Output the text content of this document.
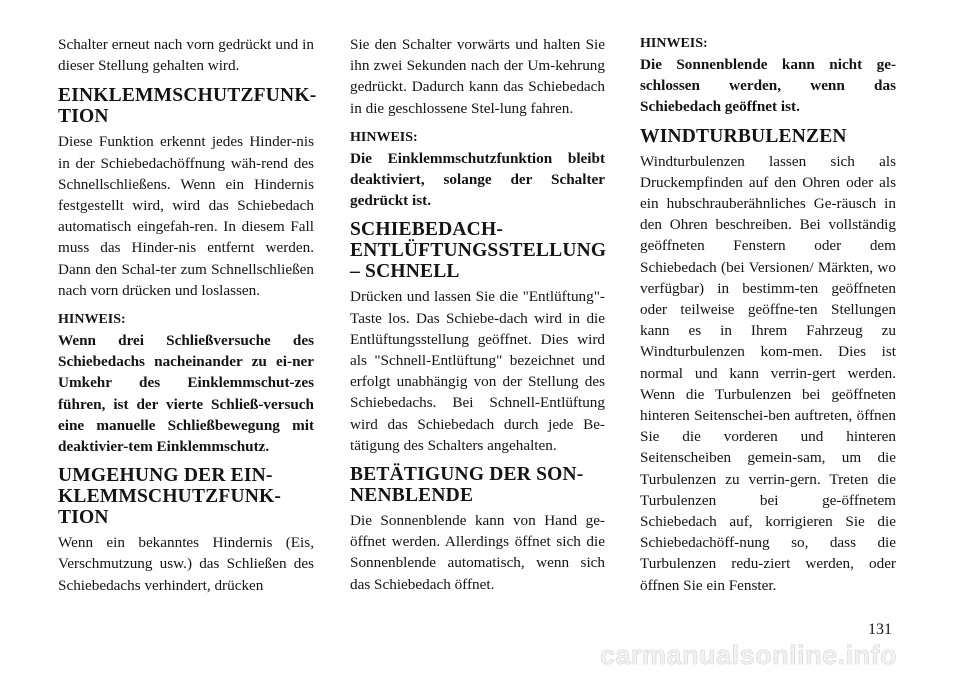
Schalter erneut nach vorn gedrückt und in dieser Stellung gehalten wird.

EINKLEMMSCHUTZFUNK-TION

Diese Funktion erkennt jedes Hinder-nis in der Schiebedachöffnung wäh-rend des Schnellschließens. Wenn ein Hindernis festgestellt wird, wird das Schiebedach automatisch eingefah-ren. In diesem Fall muss das Hinder-nis entfernt werden. Dann den Schal-ter zum Schnellschließen nach vorn drücken und loslassen.

HINWEIS:

Wenn drei Schließversuche des Schiebedachs nacheinander zu ei-ner Umkehr des Einklemmschut-zes führen, ist der vierte Schließ-versuch eine manuelle Schließbewegung mit deaktivier-tem Einklemmschutz.

UMGEHUNG DER EIN-KLEMMSCHUTZFUNK-TION

Wenn ein bekanntes Hindernis (Eis, Verschmutzung usw.) das Schließen des Schiebedachs verhindert, drücken

Sie den Schalter vorwärts und halten Sie ihn zwei Sekunden nach der Um-kehrung gedrückt. Dadurch kann das Schiebedach in die geschlossene Stel-lung fahren.

HINWEIS:

Die Einklemmschutzfunktion bleibt deaktiviert, solange der Schalter gedrückt ist.

SCHIEBEDACH-ENTLÜFTUNGSSTELLUNG – SCHNELL

Drücken und lassen Sie die "Entlüftung"-Taste los. Das Schiebe-dach wird in die Entlüftungsstellung geöffnet. Dies wird als "Schnell-Entlüftung" bezeichnet und erfolgt unabhängig von der Stellung des Schiebedachs. Bei Schnell-Entlüftung wird das Schiebedach durch jede Be-tätigung des Schalters angehalten.

BETÄTIGUNG DER SON-NENBLENDE

Die Sonnenblende kann von Hand ge-öffnet werden. Allerdings öffnet sich die Sonnenblende automatisch, wenn sich das Schiebedach öffnet.

HINWEIS:

Die Sonnenblende kann nicht ge-schlossen werden, wenn das Schiebedach geöffnet ist.

WINDTURBULENZEN

Windturbulenzen lassen sich als Druckempfinden auf den Ohren oder als ein hubschrauberähnliches Ge-räusch in den Ohren beschreiben. Bei vollständig geöffneten Fenstern oder dem Schiebedach (bei Versionen/ Märkten, wo verfügbar) in bestimm-ten geöffneten oder teilweise geöffne-ten Stellungen kann es in Ihrem Fahrzeug zu Windturbulenzen kom-men. Dies ist normal und kann verrin-gert werden. Wenn die Turbulenzen bei geöffneten hinteren Seitenschei-ben auftreten, öffnen Sie die vorderen und hinteren Seitenscheiben gemein-sam, um die Turbulenzen zu verrin-gern. Treten die Turbulenzen bei ge-öffnetem Schiebedach auf, korrigieren Sie die Schiebedachöff-nung so, dass die Turbulenzen redu-ziert werden, oder öffnen Sie ein Fenster.

131
carmanualsonline.info
